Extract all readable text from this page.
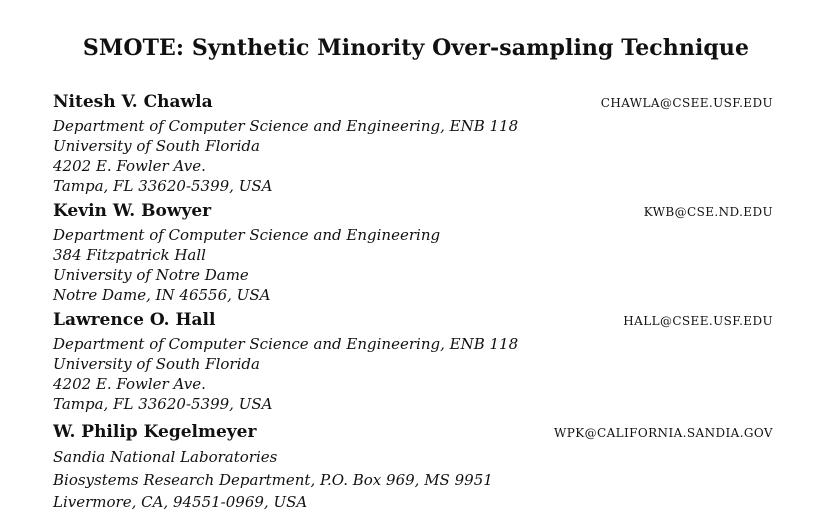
SMOTE: Synthetic Minority Over-sampling Technique
Nitesh V. Chawla	CHAWLA@CSEE.USF.EDU
Department of Computer Science and Engineering, ENB 118
University of South Florida
4202 E. Fowler Ave.
Tampa, FL 33620-5399, USA
Kevin W. Bowyer	KWB@CSE.ND.EDU
Department of Computer Science and Engineering
384 Fitzpatrick Hall
University of Notre Dame
Notre Dame, IN 46556, USA
Lawrence O. Hall	HALL@CSEE.USF.EDU
Department of Computer Science and Engineering, ENB 118
University of South Florida
4202 E. Fowler Ave.
Tampa, FL 33620-5399, USA
W. Philip Kegelmeyer	WPK@CALIFORNIA.SANDIA.GOV
Sandia National Laboratories
Biosystems Research Department, P.O. Box 969, MS 9951
Livermore, CA, 94551-0969, USA
